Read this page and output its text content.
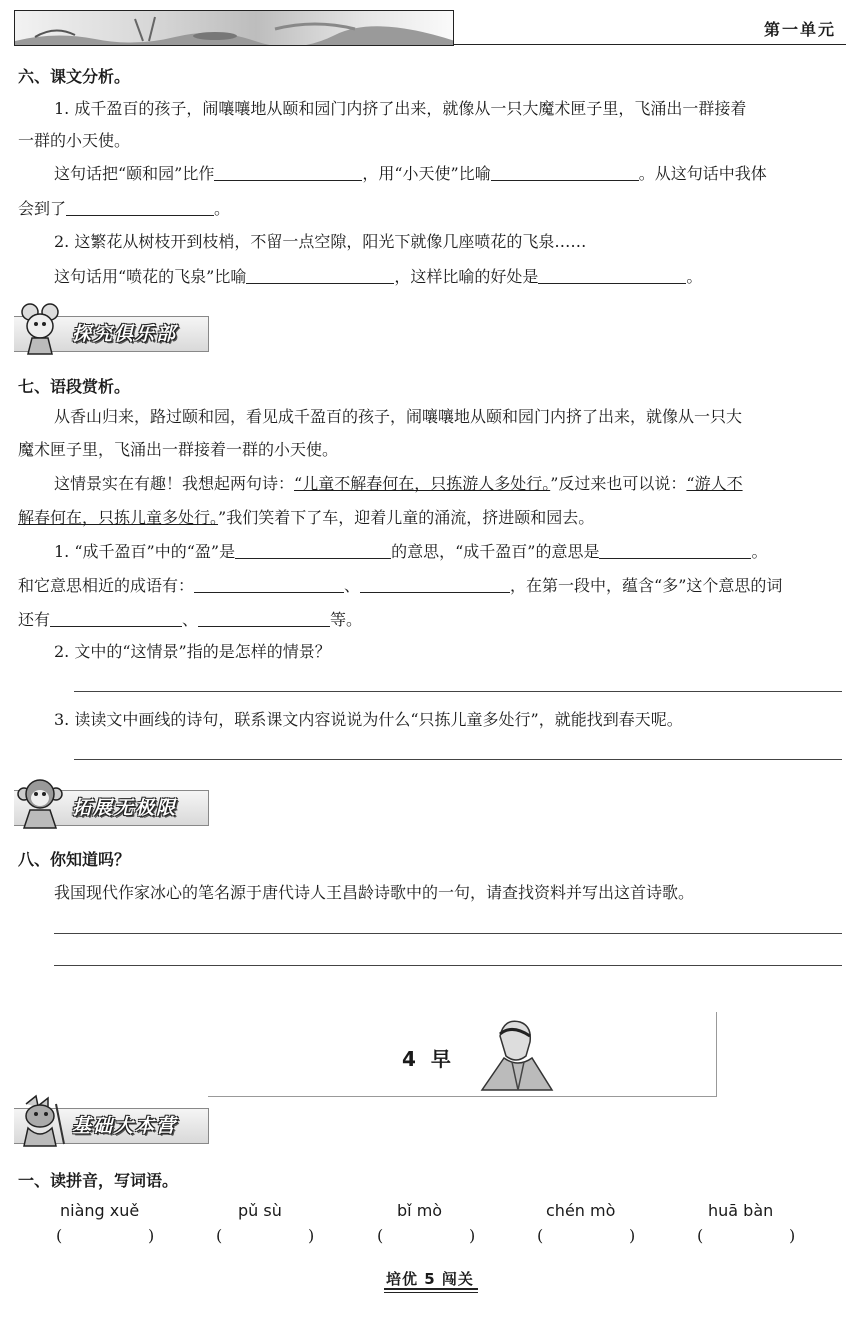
第一单元
六、课文分析。
1. 成千盈百的孩子，闹嚷嚷地从颐和园门内挤了出来，就像从一只大魔术匣子里，飞涌出一群接着
一群的小天使。
这句话把“颐和园”比作	，用“小天使”比喻	。从这句话中我体
会到了	。
2. 这繁花从树枝开到枝梢，不留一点空隙，阳光下就像几座喷花的飞泉……
这句话用“喷花的飞泉”比喻	，这样比喻的好处是	。
探究俱乐部
七、语段赏析。
从香山归来，路过颐和园，看见成千盈百的孩子，闹嚷嚷地从颐和园门内挤了出来，就像从一只大
魔术匣子里，飞涌出一群接着一群的小天使。
这情景实在有趣！我想起两句诗：“儿童不解春何在，只拣游人多处行。”反过来也可以说：“游人不
解春何在，只拣儿童多处行。”我们笑着下了车，迎着儿童的涌流，挤进颐和园去。
1. “成千盈百”中的“盈”是	的意思，“成千盈百”的意思是	。
和它意思相近的成语有：	、	，在第一段中，蕴含“多”这个意思的词
还有	、	等。
2. 文中的“这情景”指的是怎样的情景？
3. 读读文中画线的诗句，联系课文内容说说为什么“只拣儿童多处行”，就能找到春天呢。
拓展无极限
八、你知道吗？
我国现代作家冰心的笔名源于唐代诗人王昌龄诗歌中的一句，请查找资料并写出这首诗歌。
4 早
基础大本营
一、读拼音，写词语。
niàng xuě	pǔ sù	bǐ mò	chén mò	huā bàn
(	)	(	)	(	)	(	)	(	)
培优 5 闯关
